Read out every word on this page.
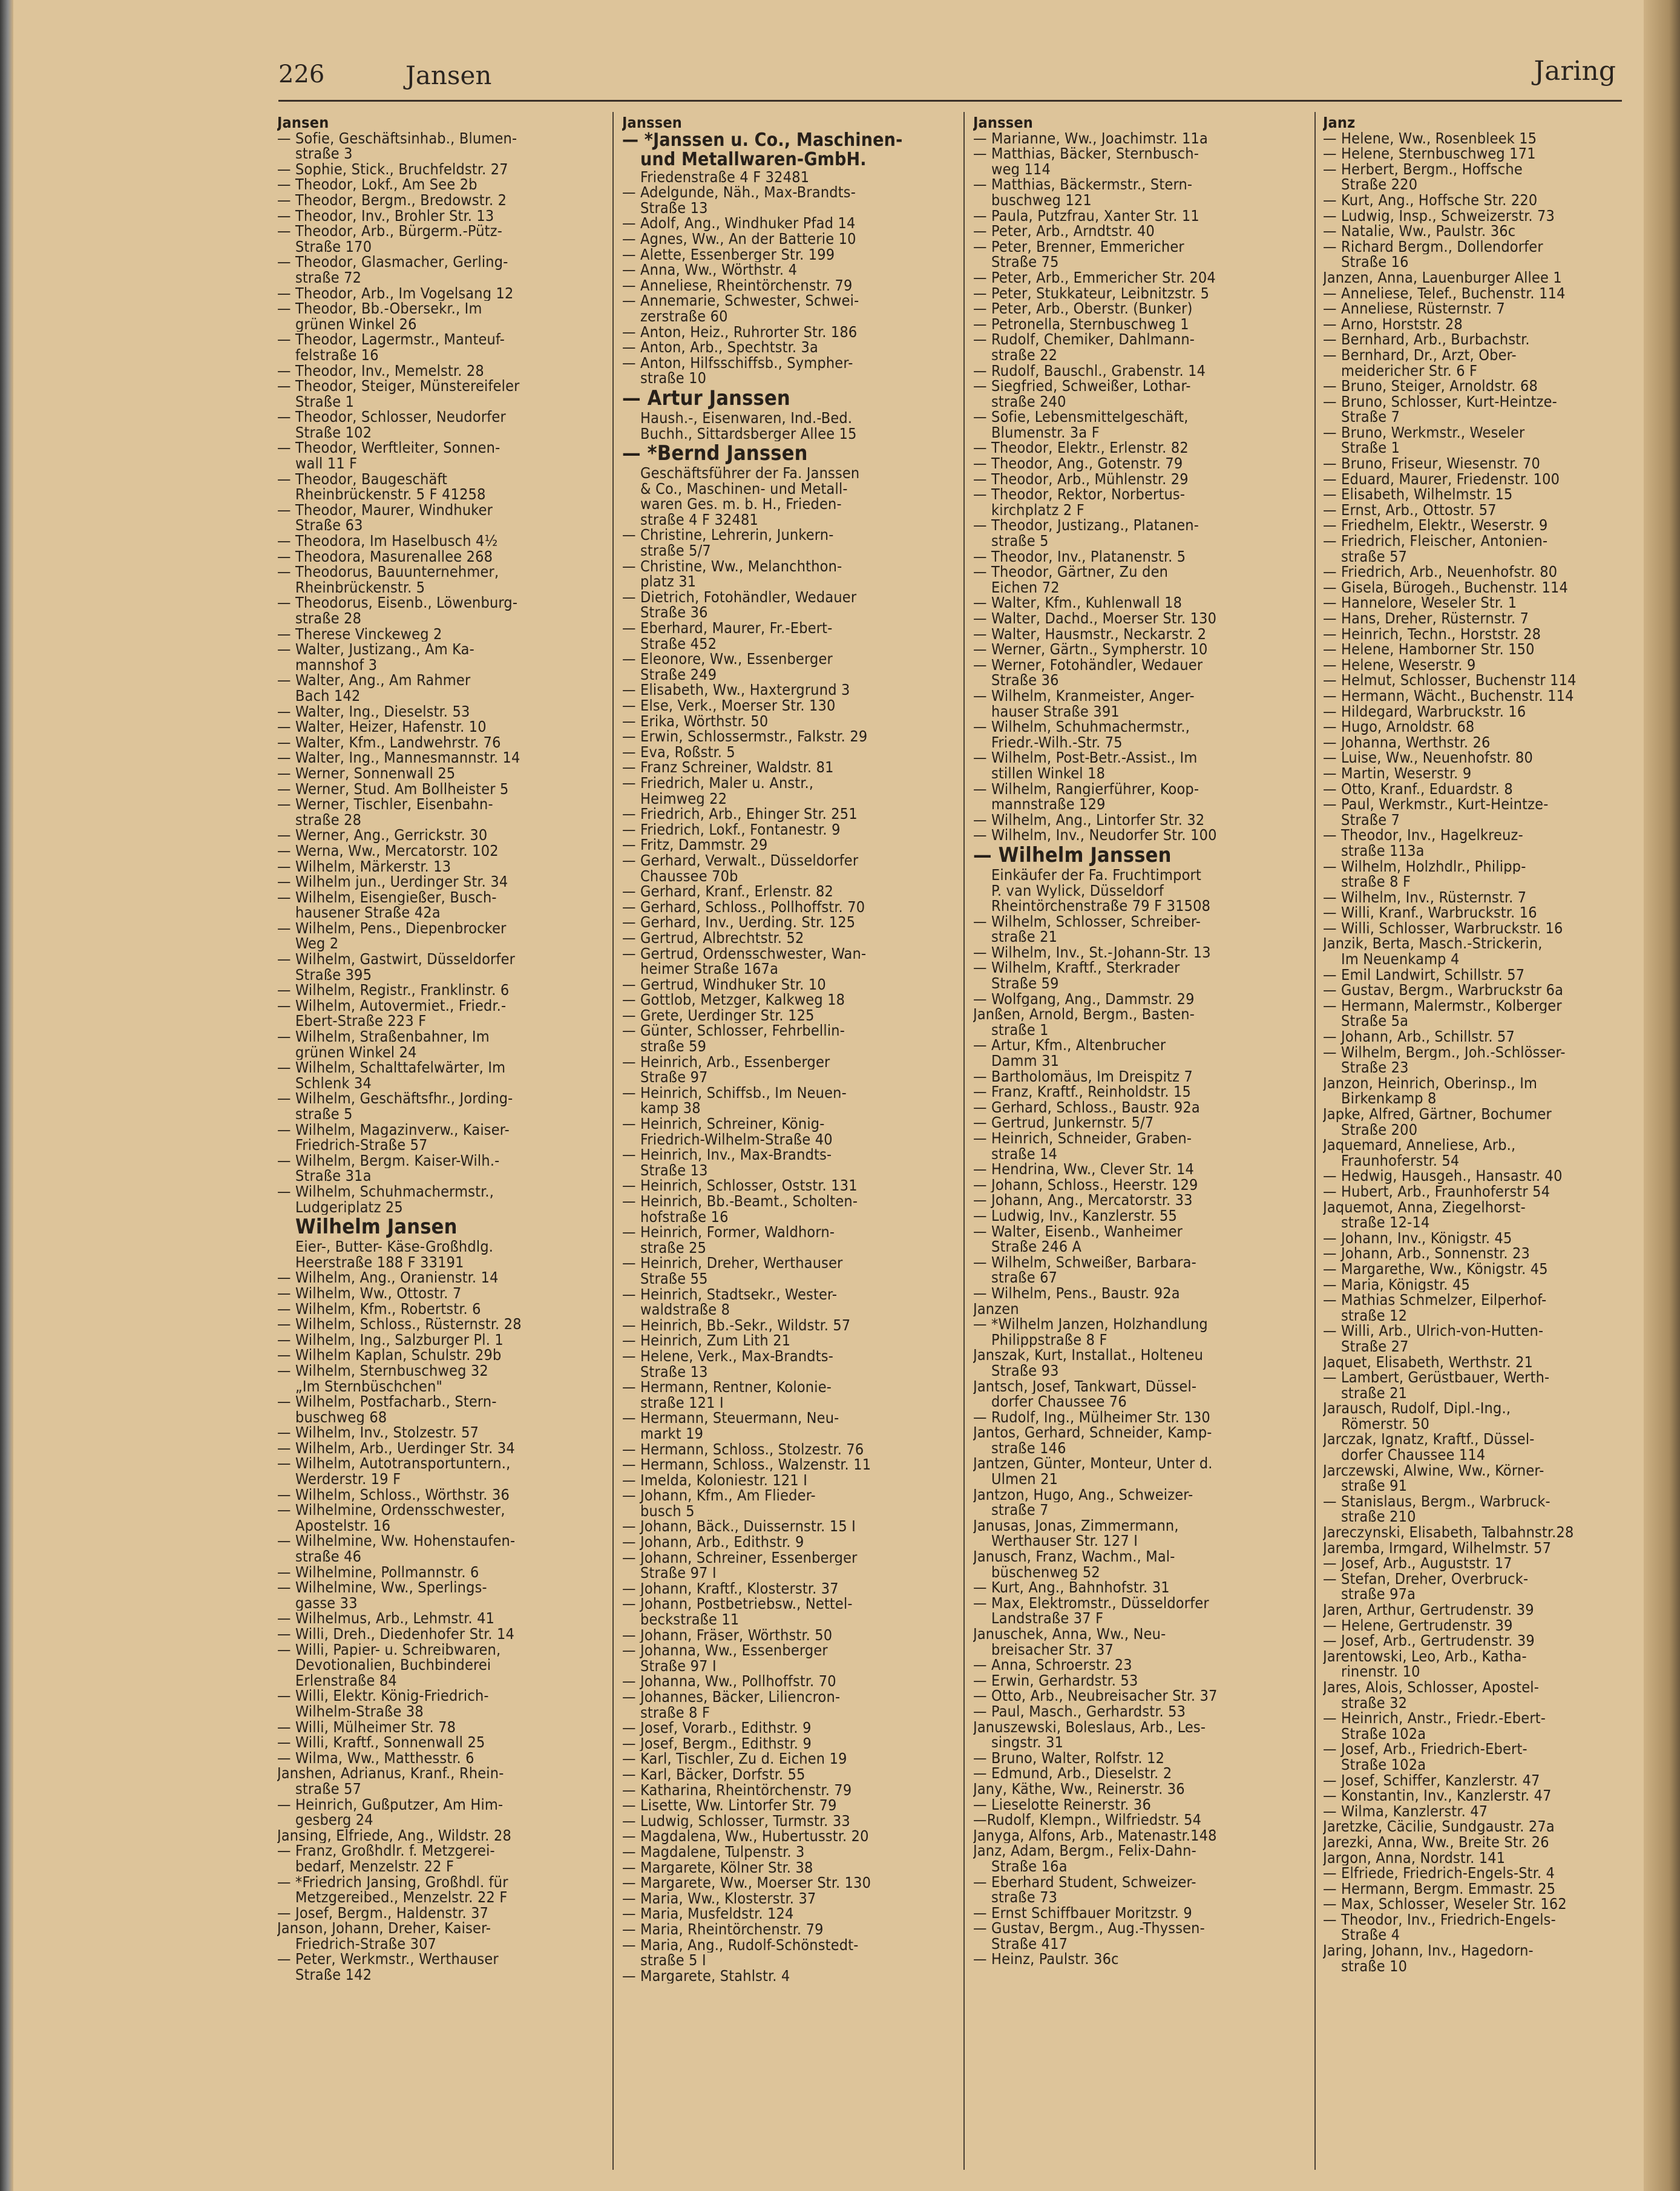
226	Jansen	Jaring
Jansen
— Sofie, Geschäftsinhab., Blumen-
straße 3
— Sophie, Stick., Bruchfeldstr. 27
— Theodor, Lokf., Am See 2b
— Theodor, Bergm., Bredowstr. 2
— Theodor, Inv., Brohler Str. 13
— Theodor, Arb., Bürgerm.-Pütz-
Straße 170
— Theodor, Glasmacher, Gerling-
straße 72
— Theodor, Arb., Im Vogelsang 12
— Theodor, Bb.-Obersekr., Im
grünen Winkel 26
— Theodor, Lagermstr., Manteuf-
felstraße 16
— Theodor, Inv., Memelstr. 28
— Theodor, Steiger, Münstereifeler
Straße 1
— Theodor, Schlosser, Neudorfer
Straße 102
— Theodor, Werftleiter, Sonnen-
wall 11 F
— Theodor, Baugeschäft
Rheinbrückenstr. 5 F 41258
— Theodor, Maurer, Windhuker
Straße 63
— Theodora, Im Haselbusch 4½
— Theodora, Masurenallee 268
— Theodorus, Bauunternehmer,
Rheinbrückenstr. 5
— Theodorus, Eisenb., Löwenburg-
straße 28
— Therese Vinckeweg 2
— Walter, Justizang., Am Ka-
mannshof 3
— Walter, Ang., Am Rahmer
Bach 142
— Walter, Ing., Dieselstr. 53
— Walter, Heizer, Hafenstr. 10
— Walter, Kfm., Landwehrstr. 76
— Walter, Ing., Mannesmannstr. 14
— Werner, Sonnenwall 25
— Werner, Stud. Am Bollheister 5
— Werner, Tischler, Eisenbahn-
straße 28
— Werner, Ang., Gerrickstr. 30
— Werna, Ww., Mercatorstr. 102
— Wilhelm, Märkerstr. 13
— Wilhelm jun., Uerdinger Str. 34
— Wilhelm, Eisengießer, Busch-
hausener Straße 42a
— Wilhelm, Pens., Diepenbrocker
Weg 2
— Wilhelm, Gastwirt, Düsseldorfer
Straße 395
— Wilhelm, Registr., Franklinstr. 6
— Wilhelm, Autovermiet., Friedr.-
Ebert-Straße 223 F
— Wilhelm, Straßenbahner, Im
grünen Winkel 24
— Wilhelm, Schalttafelwärter, Im
Schlenk 34
— Wilhelm, Geschäftsfhr., Jording-
straße 5
— Wilhelm, Magazinverw., Kaiser-
Friedrich-Straße 57
— Wilhelm, Bergm. Kaiser-Wilh.-
Straße 31a
— Wilhelm, Schuhmachermstr.,
Ludgeriplatz 25
Wilhelm Jansen
Eier-, Butter- Käse-Großhdlg.
Heerstraße 188 F 33191
— Wilhelm, Ang., Oranienstr. 14
— Wilhelm, Ww., Ottostr. 7
— Wilhelm, Kfm., Robertstr. 6
— Wilhelm, Schloss., Rüsternstr. 28
— Wilhelm, Ing., Salzburger Pl. 1
— Wilhelm Kaplan, Schulstr. 29b
— Wilhelm, Sternbuschweg 32
„Im Sternbüschchen"
— Wilhelm, Postfacharb., Stern-
buschweg 68
— Wilhelm, Inv., Stolzestr. 57
— Wilhelm, Arb., Uerdinger Str. 34
— Wilhelm, Autotransportuntern.,
Werderstr. 19 F
— Wilhelm, Schloss., Wörthstr. 36
— Wilhelmine, Ordensschwester,
Apostelstr. 16
— Wilhelmine, Ww. Hohenstaufen-
straße 46
— Wilhelmine, Pollmannstr. 6
— Wilhelmine, Ww., Sperlings-
gasse 33
— Wilhelmus, Arb., Lehmstr. 41
— Willi, Dreh., Diedenhofer Str. 14
— Willi, Papier- u. Schreibwaren,
Devotionalien, Buchbinderei
Erlenstraße 84
— Willi, Elektr. König-Friedrich-
Wilhelm-Straße 38
— Willi, Mülheimer Str. 78
— Willi, Kraftf., Sonnenwall 25
— Wilma, Ww., Matthesstr. 6
Janshen, Adrianus, Kranf., Rhein-
straße 57
— Heinrich, Gußputzer, Am Him-
gesberg 24
Jansing, Elfriede, Ang., Wildstr. 28
— Franz, Großhdlr. f. Metzgerei-
bedarf, Menzelstr. 22 F
— *Friedrich Jansing, Großhdl. für
Metzgereibed., Menzelstr. 22 F
— Josef, Bergm., Haldenstr. 37
Janson, Johann, Dreher, Kaiser-
Friedrich-Straße 307
— Peter, Werkmstr., Werthauser
Straße 142
Janssen
— *Janssen u. Co., Maschinen-
und Metallwaren-GmbH.
Friedenstraße 4 F 32481
— Adelgunde, Näh., Max-Brandts-
Straße 13
— Adolf, Ang., Windhuker Pfad 14
— Agnes, Ww., An der Batterie 10
— Alette, Essenberger Str. 199
— Anna, Ww., Wörthstr. 4
— Anneliese, Rheintörchenstr. 79
— Annemarie, Schwester, Schwei-
zerstraße 60
— Anton, Heiz., Ruhrorter Str. 186
— Anton, Arb., Spechtstr. 3a
— Anton, Hilfsschiffsb., Sympher-
straße 10
— Artur Janssen
Haush.-, Eisenwaren, Ind.-Bed.
Buchh., Sittardsberger Allee 15
— *Bernd Janssen
Geschäftsführer der Fa. Janssen
& Co., Maschinen- und Metall-
waren Ges. m. b. H., Frieden-
straße 4 F 32481
— Christine, Lehrerin, Junkern-
straße 5/7
— Christine, Ww., Melanchthon-
platz 31
— Dietrich, Fotohändler, Wedauer
Straße 36
— Eberhard, Maurer, Fr.-Ebert-
Straße 452
— Eleonore, Ww., Essenberger
Straße 249
— Elisabeth, Ww., Haxtergrund 3
— Else, Verk., Moerser Str. 130
— Erika, Wörthstr. 50
— Erwin, Schlossermstr., Falkstr. 29
— Eva, Roßstr. 5
— Franz Schreiner, Waldstr. 81
— Friedrich, Maler u. Anstr.,
Heimweg 22
— Friedrich, Arb., Ehinger Str. 251
— Friedrich, Lokf., Fontanestr. 9
— Fritz, Dammstr. 29
— Gerhard, Verwalt., Düsseldorfer
Chaussee 70b
— Gerhard, Kranf., Erlenstr. 82
— Gerhard, Schloss., Pollhoffstr. 70
— Gerhard, Inv., Uerding. Str. 125
— Gertrud, Albrechtstr. 52
— Gertrud, Ordensschwester, Wan-
heimer Straße 167a
— Gertrud, Windhuker Str. 10
— Gottlob, Metzger, Kalkweg 18
— Grete, Uerdinger Str. 125
— Günter, Schlosser, Fehrbellin-
straße 59
— Heinrich, Arb., Essenberger
Straße 97
— Heinrich, Schiffsb., Im Neuen-
kamp 38
— Heinrich, Schreiner, König-
Friedrich-Wilhelm-Straße 40
— Heinrich, Inv., Max-Brandts-
Straße 13
— Heinrich, Schlosser, Oststr. 131
— Heinrich, Bb.-Beamt., Scholten-
hofstraße 16
— Heinrich, Former, Waldhorn-
straße 25
— Heinrich, Dreher, Werthauser
Straße 55
— Heinrich, Stadtsekr., Wester-
waldstraße 8
— Heinrich, Bb.-Sekr., Wildstr. 57
— Heinrich, Zum Lith 21
— Helene, Verk., Max-Brandts-
Straße 13
— Hermann, Rentner, Kolonie-
straße 121 I
— Hermann, Steuermann, Neu-
markt 19
— Hermann, Schloss., Stolzestr. 76
— Hermann, Schloss., Walzenstr. 11
— Imelda, Koloniestr. 121 I
— Johann, Kfm., Am Flieder-
busch 5
— Johann, Bäck., Duissernstr. 15 I
— Johann, Arb., Edithstr. 9
— Johann, Schreiner, Essenberger
Straße 97 I
— Johann, Kraftf., Klosterstr. 37
— Johann, Postbetriebsw., Nettel-
beckstraße 11
— Johann, Fräser, Wörthstr. 50
— Johanna, Ww., Essenberger
Straße 97 I
— Johanna, Ww., Pollhoffstr. 70
— Johannes, Bäcker, Liliencron-
straße 8 F
— Josef, Vorarb., Edithstr. 9
— Josef, Bergm., Edithstr. 9
— Karl, Tischler, Zu d. Eichen 19
— Karl, Bäcker, Dorfstr. 55
— Katharina, Rheintörchenstr. 79
— Lisette, Ww. Lintorfer Str. 79
— Ludwig, Schlosser, Turmstr. 33
— Magdalena, Ww., Hubertusstr. 20
— Magdalene, Tulpenstr. 3
— Margarete, Kölner Str. 38
— Margarete, Ww., Moerser Str. 130
— Maria, Ww., Klosterstr. 37
— Maria, Musfeldstr. 124
— Maria, Rheintörchenstr. 79
— Maria, Ang., Rudolf-Schönstedt-
straße 5 I
— Margarete, Stahlstr. 4
Janssen
— Marianne, Ww., Joachimstr. 11a
— Matthias, Bäcker, Sternbusch-
weg 114
— Matthias, Bäckermstr., Stern-
buschweg 121
— Paula, Putzfrau, Xanter Str. 11
— Peter, Arb., Arndtstr. 40
— Peter, Brenner, Emmericher
Straße 75
— Peter, Arb., Emmericher Str. 204
— Peter, Stukkateur, Leibnitzstr. 5
— Peter, Arb., Oberstr. (Bunker)
— Petronella, Sternbuschweg 1
— Rudolf, Chemiker, Dahlmann-
straße 22
— Rudolf, Bauschl., Grabenstr. 14
— Siegfried, Schweißer, Lothar-
straße 240
— Sofie, Lebensmittelgeschäft,
Blumenstr. 3a F
— Theodor, Elektr., Erlenstr. 82
— Theodor, Ang., Gotenstr. 79
— Theodor, Arb., Mühlenstr. 29
— Theodor, Rektor, Norbertus-
kirchplatz 2 F
— Theodor, Justizang., Platanen-
straße 5
— Theodor, Inv., Platanenstr. 5
— Theodor, Gärtner, Zu den
Eichen 72
— Walter, Kfm., Kuhlenwall 18
— Walter, Dachd., Moerser Str. 130
— Walter, Hausmstr., Neckarstr. 2
— Werner, Gärtn., Sympherstr. 10
— Werner, Fotohändler, Wedauer
Straße 36
— Wilhelm, Kranmeister, Anger-
hauser Straße 391
— Wilhelm, Schuhmachermstr.,
Friedr.-Wilh.-Str. 75
— Wilhelm, Post-Betr.-Assist., Im
stillen Winkel 18
— Wilhelm, Rangierführer, Koop-
mannstraße 129
— Wilhelm, Ang., Lintorfer Str. 32
— Wilhelm, Inv., Neudorfer Str. 100
— Wilhelm Janssen
Einkäufer der Fa. Fruchtimport
P. van Wylick, Düsseldorf
Rheintörchenstraße 79 F 31508
— Wilhelm, Schlosser, Schreiber-
straße 21
— Wilhelm, Inv., St.-Johann-Str. 13
— Wilhelm, Kraftf., Sterkrader
Straße 59
— Wolfgang, Ang., Dammstr. 29
Janßen, Arnold, Bergm., Basten-
straße 1
— Artur, Kfm., Altenbrucher
Damm 31
— Bartholomäus, Im Dreispitz 7
— Franz, Kraftf., Reinholdstr. 15
— Gerhard, Schloss., Baustr. 92a
— Gertrud, Junkernstr. 5/7
— Heinrich, Schneider, Graben-
straße 14
— Hendrina, Ww., Clever Str. 14
— Johann, Schloss., Heerstr. 129
— Johann, Ang., Mercatorstr. 33
— Ludwig, Inv., Kanzlerstr. 55
— Walter, Eisenb., Wanheimer
Straße 246 A
— Wilhelm, Schweißer, Barbara-
straße 67
— Wilhelm, Pens., Baustr. 92a
Janzen
— *Wilhelm Janzen, Holzhandlung
Philippstraße 8 F
Janszak, Kurt, Installat., Holteneu
Straße 93
Jantsch, Josef, Tankwart, Düssel-
dorfer Chaussee 76
— Rudolf, Ing., Mülheimer Str. 130
Jantos, Gerhard, Schneider, Kamp-
straße 146
Jantzen, Günter, Monteur, Unter d.
Ulmen 21
Jantzon, Hugo, Ang., Schweizer-
straße 7
Janusas, Jonas, Zimmermann,
Werthauser Str. 127 I
Janusch, Franz, Wachm., Mal-
büschenweg 52
— Kurt, Ang., Bahnhofstr. 31
— Max, Elektromstr., Düsseldorfer
Landstraße 37 F
Januschek, Anna, Ww., Neu-
breisacher Str. 37
— Anna, Schroerstr. 23
— Erwin, Gerhardstr. 53
— Otto, Arb., Neubreisacher Str. 37
— Paul, Masch., Gerhardstr. 53
Januszewski, Boleslaus, Arb., Les-
singstr. 31
— Bruno, Walter, Rolfstr. 12
— Edmund, Arb., Dieselstr. 2
Jany, Käthe, Ww., Reinerstr. 36
— Lieselotte Reinerstr. 36
—Rudolf, Klempn., Wilfriedstr. 54
Janyga, Alfons, Arb., Matenastr.148
Janz, Adam, Bergm., Felix-Dahn-
Straße 16a
— Eberhard Student, Schweizer-
straße 73
— Ernst Schiffbauer Moritzstr. 9
— Gustav, Bergm., Aug.-Thyssen-
Straße 417
— Heinz, Paulstr. 36c
Janz
— Helene, Ww., Rosenbleek 15
— Helene, Sternbuschweg 171
— Herbert, Bergm., Hoffsche
Straße 220
— Kurt, Ang., Hoffsche Str. 220
— Ludwig, Insp., Schweizerstr. 73
— Natalie, Ww., Paulstr. 36c
— Richard Bergm., Dollendorfer
Straße 16
Janzen, Anna, Lauenburger Allee 1
— Anneliese, Telef., Buchenstr. 114
— Anneliese, Rüsternstr. 7
— Arno, Horststr. 28
— Bernhard, Arb., Burbachstr.
— Bernhard, Dr., Arzt, Ober-
meidericher Str. 6 F
— Bruno, Steiger, Arnoldstr. 68
— Bruno, Schlosser, Kurt-Heintze-
Straße 7
— Bruno, Werkmstr., Weseler
Straße 1
— Bruno, Friseur, Wiesenstr. 70
— Eduard, Maurer, Friedenstr. 100
— Elisabeth, Wilhelmstr. 15
— Ernst, Arb., Ottostr. 57
— Friedhelm, Elektr., Weserstr. 9
— Friedrich, Fleischer, Antonien-
straße 57
— Friedrich, Arb., Neuenhofstr. 80
— Gisela, Bürogeh., Buchenstr. 114
— Hannelore, Weseler Str. 1
— Hans, Dreher, Rüsternstr. 7
— Heinrich, Techn., Horststr. 28
— Helene, Hamborner Str. 150
— Helene, Weserstr. 9
— Helmut, Schlosser, Buchenstr 114
— Hermann, Wächt., Buchenstr. 114
— Hildegard, Warbruckstr. 16
— Hugo, Arnoldstr. 68
— Johanna, Werthstr. 26
— Luise, Ww., Neuenhofstr. 80
— Martin, Weserstr. 9
— Otto, Kranf., Eduardstr. 8
— Paul, Werkmstr., Kurt-Heintze-
Straße 7
— Theodor, Inv., Hagelkreuz-
straße 113a
— Wilhelm, Holzhdlr., Philipp-
straße 8 F
— Wilhelm, Inv., Rüsternstr. 7
— Willi, Kranf., Warbruckstr. 16
— Willi, Schlosser, Warbruckstr. 16
Janzik, Berta, Masch.-Strickerin,
Im Neuenkamp 4
— Emil Landwirt, Schillstr. 57
— Gustav, Bergm., Warbruckstr 6a
— Hermann, Malermstr., Kolberger
Straße 5a
— Johann, Arb., Schillstr. 57
— Wilhelm, Bergm., Joh.-Schlösser-
Straße 23
Janzon, Heinrich, Oberinsp., Im
Birkenkamp 8
Japke, Alfred, Gärtner, Bochumer
Straße 200
Jaquemard, Anneliese, Arb.,
Fraunhoferstr. 54
— Hedwig, Hausgeh., Hansastr. 40
— Hubert, Arb., Fraunhoferstr 54
Jaquemot, Anna, Ziegelhorst-
straße 12-14
— Johann, Inv., Königstr. 45
— Johann, Arb., Sonnenstr. 23
— Margarethe, Ww., Königstr. 45
— Maria, Königstr. 45
— Mathias Schmelzer, Eilperhof-
straße 12
— Willi, Arb., Ulrich-von-Hutten-
Straße 27
Jaquet, Elisabeth, Werthstr. 21
— Lambert, Gerüstbauer, Werth-
straße 21
Jarausch, Rudolf, Dipl.-Ing.,
Römerstr. 50
Jarczak, Ignatz, Kraftf., Düssel-
dorfer Chaussee 114
Jarczewski, Alwine, Ww., Körner-
straße 91
— Stanislaus, Bergm., Warbruck-
straße 210
Jareczynski, Elisabeth, Talbahnstr.28
Jaremba, Irmgard, Wilhelmstr. 57
— Josef, Arb., Auguststr. 17
— Stefan, Dreher, Overbruck-
straße 97a
Jaren, Arthur, Gertrudenstr. 39
— Helene, Gertrudenstr. 39
— Josef, Arb., Gertrudenstr. 39
Jarentowski, Leo, Arb., Katha-
rinenstr. 10
Jares, Alois, Schlosser, Apostel-
straße 32
— Heinrich, Anstr., Friedr.-Ebert-
Straße 102a
— Josef, Arb., Friedrich-Ebert-
Straße 102a
— Josef, Schiffer, Kanzlerstr. 47
— Konstantin, Inv., Kanzlerstr. 47
— Wilma, Kanzlerstr. 47
Jaretzke, Cäcilie, Sundgaustr. 27a
Jarezki, Anna, Ww., Breite Str. 26
Jargon, Anna, Nordstr. 141
— Elfriede, Friedrich-Engels-Str. 4
— Hermann, Bergm. Emmastr. 25
— Max, Schlosser, Weseler Str. 162
— Theodor, Inv., Friedrich-Engels-
Straße 4
Jaring, Johann, Inv., Hagedorn-
straße 10
